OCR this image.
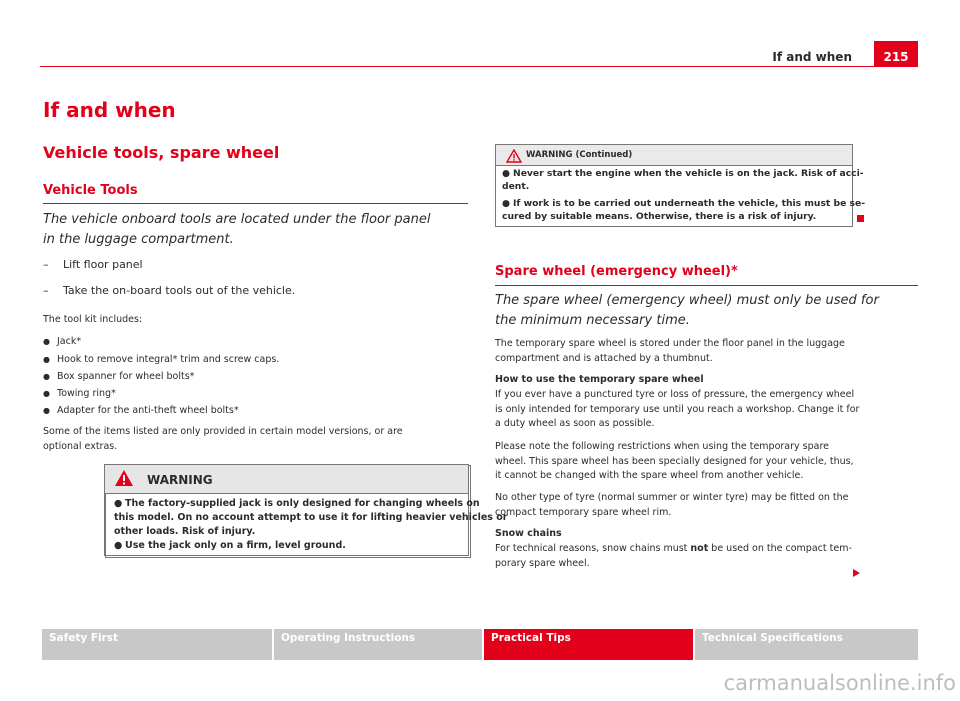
If and when	215
If and when
Vehicle tools, spare wheel
Vehicle Tools
The vehicle onboard tools are located under the floor panel
in the luggage compartment.
– Lift floor panel
– Take the on-board tools out of the vehicle.
The tool kit includes:
● Jack*
● Hook to remove integral* trim and screw caps.
● Box spanner for wheel bolts*
● Towing ring*
● Adapter for the anti-theft wheel bolts*
Some of the items listed are only provided in certain model versions, or are
optional extras.
WARNING
● The factory-supplied jack is only designed for changing wheels on
this model. On no account attempt to use it for lifting heavier vehicles or
other loads. Risk of injury.
● Use the jack only on a firm, level ground.
WARNING (Continued)
● Never start the engine when the vehicle is on the jack. Risk of acci-
dent.
● If work is to be carried out underneath the vehicle, this must be se-
cured by suitable means. Otherwise, there is a risk of injury.
Spare wheel (emergency wheel)*
The spare wheel (emergency wheel) must only be used for
the minimum necessary time.
The temporary spare wheel is stored under the floor panel in the luggage
compartment and is attached by a thumbnut.
How to use the temporary spare wheel
If you ever have a punctured tyre or loss of pressure, the emergency wheel
is only intended for temporary use until you reach a workshop. Change it for
a duty wheel as soon as possible.
Please note the following restrictions when using the temporary spare
wheel. This spare wheel has been specially designed for your vehicle, thus,
it cannot be changed with the spare wheel from another vehicle.
No other type of tyre (normal summer or winter tyre) may be fitted on the
compact temporary spare wheel rim.
Snow chains
For technical reasons, snow chains must not be used on the compact tem-
porary spare wheel.
Safety First	Operating Instructions	Practical Tips	Technical Specifications
carmanualsonline.info
